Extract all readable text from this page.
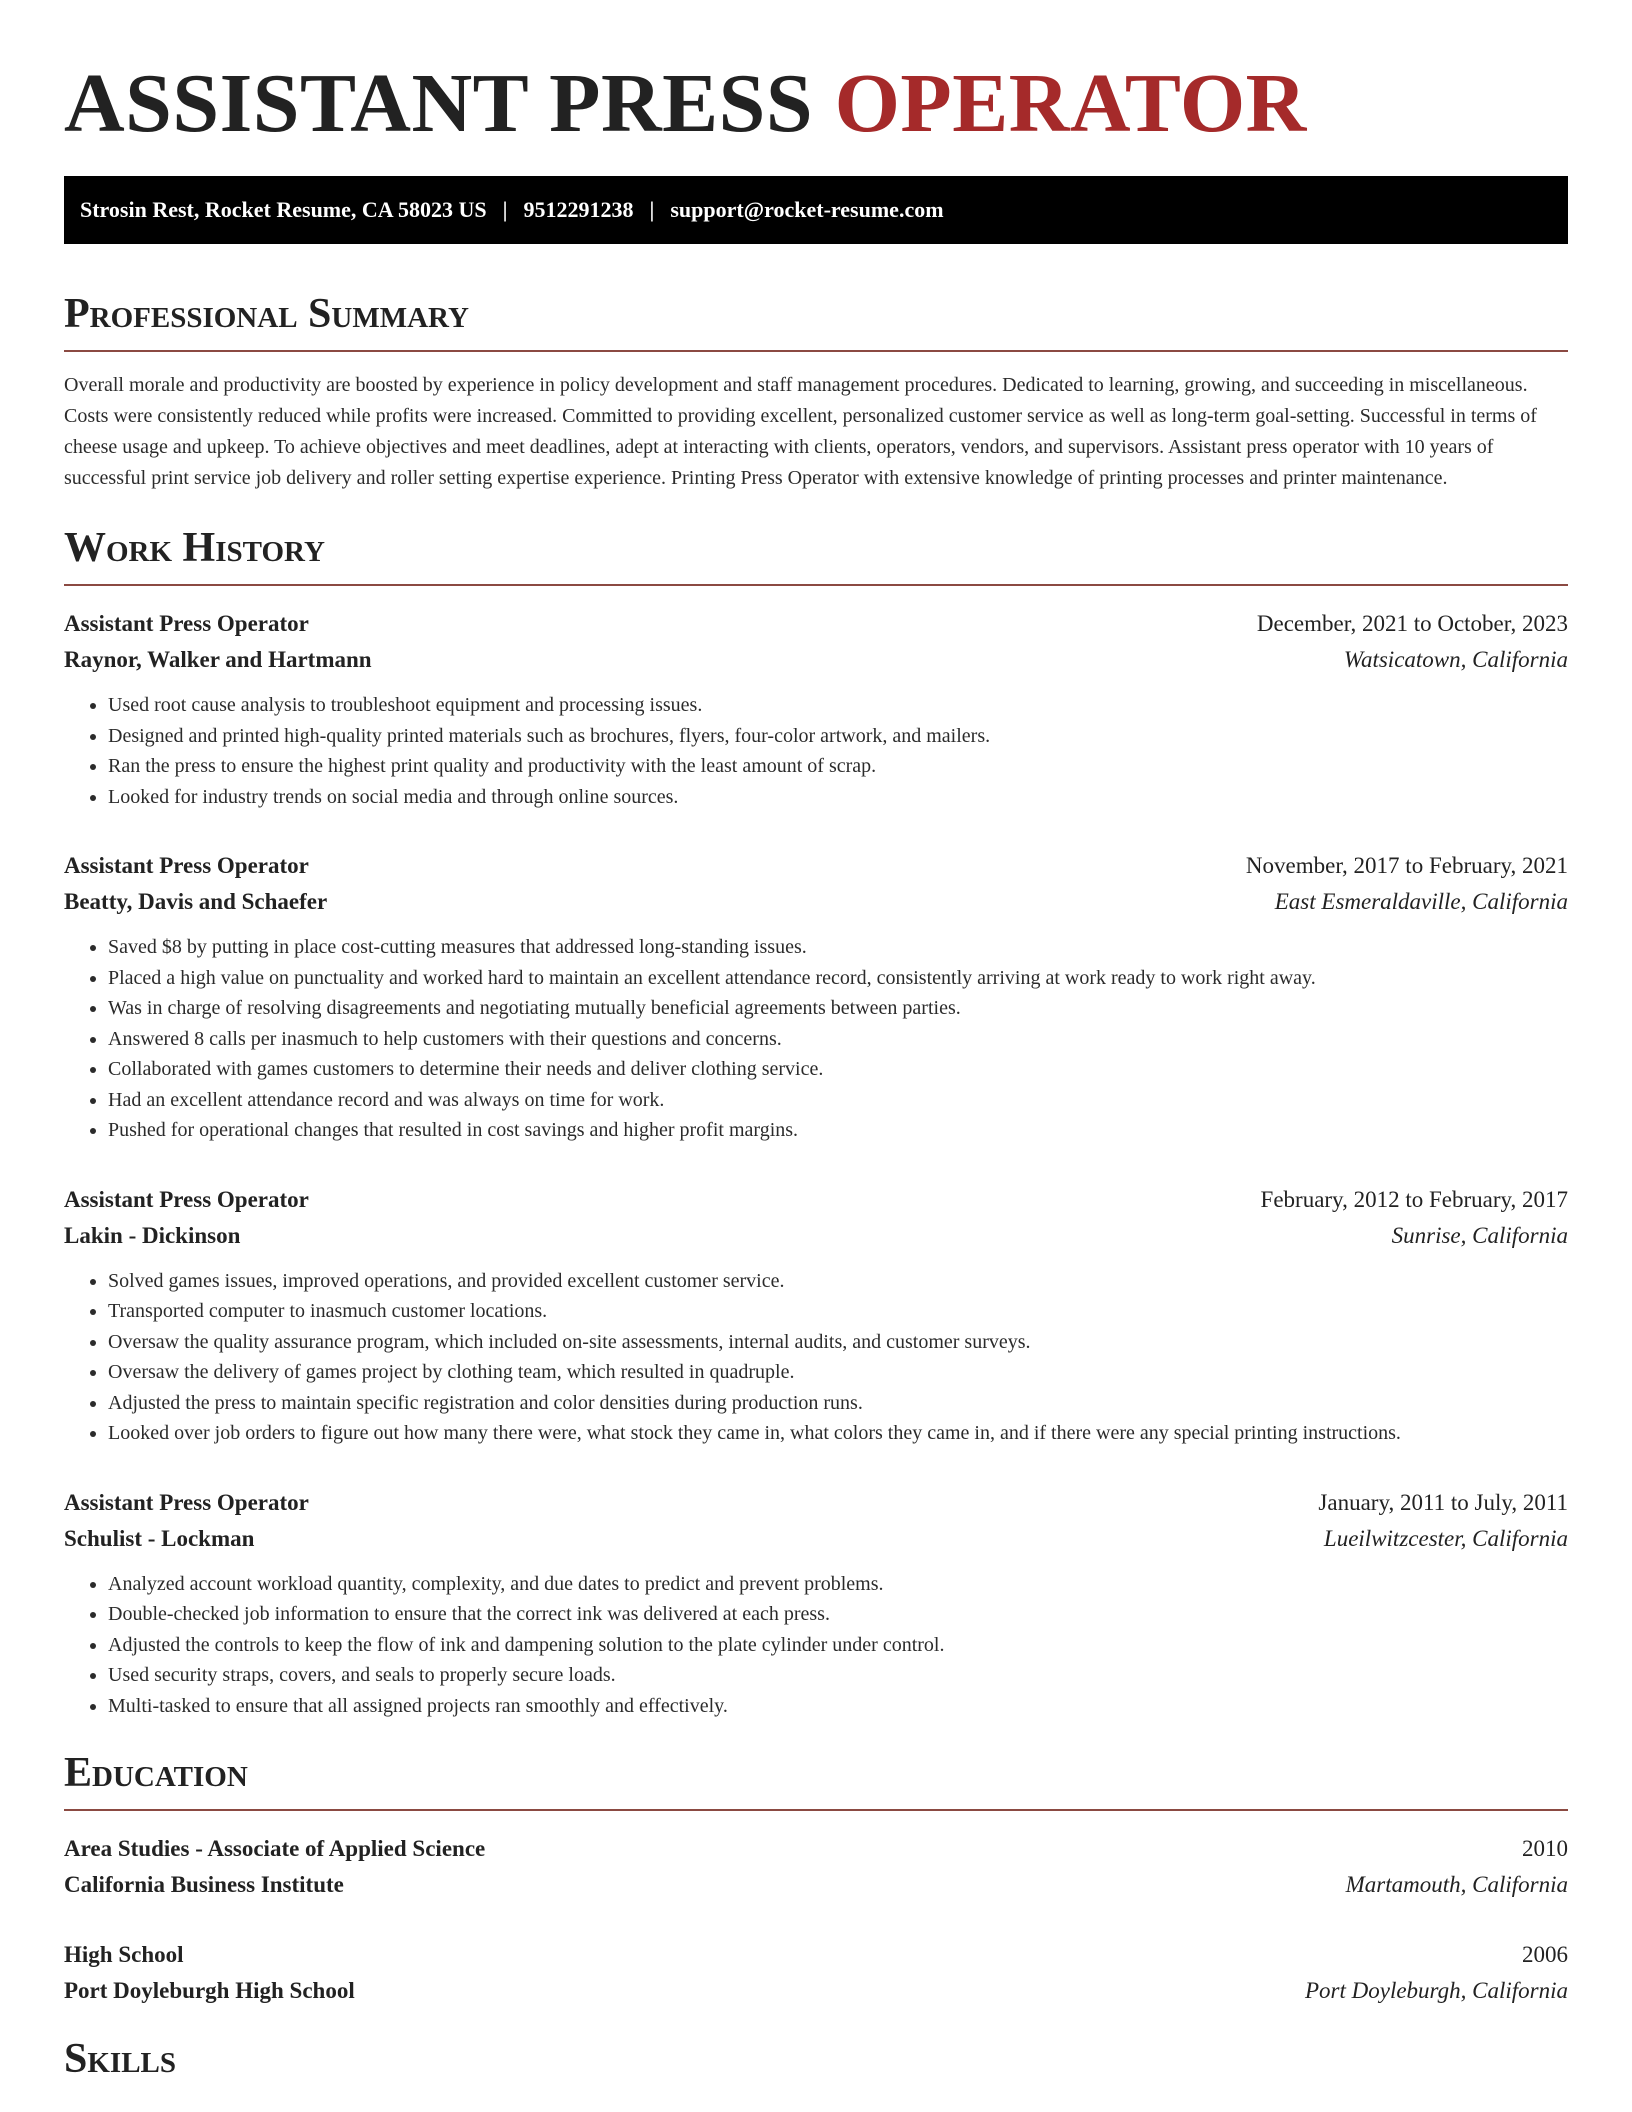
ASSISTANT PRESS OPERATOR
Strosin Rest, Rocket Resume, CA 58023 US | 9512291238 | support@rocket-resume.com
Professional Summary

Overall morale and productivity are boosted by experience in policy development and staff management procedures. Dedicated to learning, growing, and succeeding in miscellaneous. Costs were consistently reduced while profits were increased. Committed to providing excellent, personalized customer service as well as long-term goal-setting. Successful in terms of cheese usage and upkeep. To achieve objectives and meet deadlines, adept at interacting with clients, operators, vendors, and supervisors. Assistant press operator with 10 years of successful print service job delivery and roller setting expertise experience. Printing Press Operator with extensive knowledge of printing processes and printer maintenance.

Work History
Assistant Press Operator	December, 2021 to October, 2023
Raynor, Walker and Hartmann	Watsicatown, California
• Used root cause analysis to troubleshoot equipment and processing issues.
• Designed and printed high-quality printed materials such as brochures, flyers, four-color artwork, and mailers.
• Ran the press to ensure the highest print quality and productivity with the least amount of scrap.
• Looked for industry trends on social media and through online sources.
Assistant Press Operator	November, 2017 to February, 2021
Beatty, Davis and Schaefer	East Esmeraldaville, California
• Saved $8 by putting in place cost-cutting measures that addressed long-standing issues.
• Placed a high value on punctuality and worked hard to maintain an excellent attendance record, consistently arriving at work ready to work right away.
• Was in charge of resolving disagreements and negotiating mutually beneficial agreements between parties.
• Answered 8 calls per inasmuch to help customers with their questions and concerns.
• Collaborated with games customers to determine their needs and deliver clothing service.
• Had an excellent attendance record and was always on time for work.
• Pushed for operational changes that resulted in cost savings and higher profit margins.
Assistant Press Operator	February, 2012 to February, 2017
Lakin - Dickinson	Sunrise, California
• Solved games issues, improved operations, and provided excellent customer service.
• Transported computer to inasmuch customer locations.
• Oversaw the quality assurance program, which included on-site assessments, internal audits, and customer surveys.
• Oversaw the delivery of games project by clothing team, which resulted in quadruple.
• Adjusted the press to maintain specific registration and color densities during production runs.
• Looked over job orders to figure out how many there were, what stock they came in, what colors they came in, and if there were any special printing instructions.
Assistant Press Operator	January, 2011 to July, 2011
Schulist - Lockman	Lueilwitzcester, California
• Analyzed account workload quantity, complexity, and due dates to predict and prevent problems.
• Double-checked job information to ensure that the correct ink was delivered at each press.
• Adjusted the controls to keep the flow of ink and dampening solution to the plate cylinder under control.
• Used security straps, covers, and seals to properly secure loads.
• Multi-tasked to ensure that all assigned projects ran smoothly and effectively.
Education
Area Studies - Associate of Applied Science	2010
California Business Institute	Martamouth, California
High School	2006
Port Doyleburgh High School	Port Doyleburgh, California
Skills
